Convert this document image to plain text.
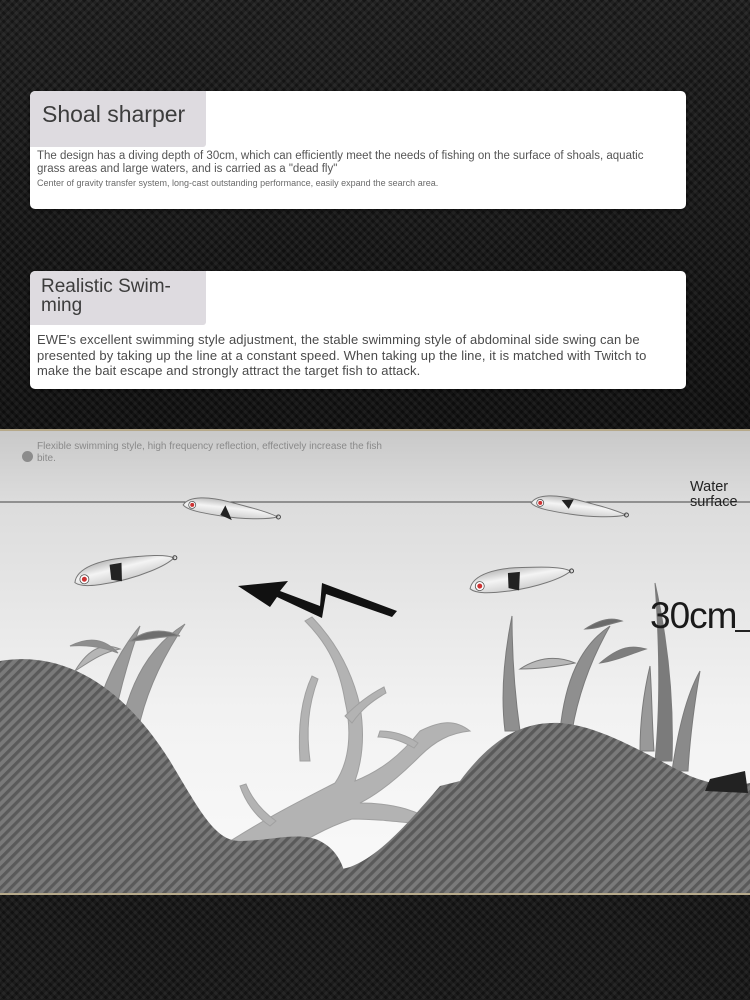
Shoal sharper

The design has a diving depth of 30cm, which can efficiently meet the needs of fishing on the surface of shoals, aquatic grass areas and large waters, and is carried as a "dead fly"

Center of gravity transfer system, long-cast outstanding performance, easily expand the search area.

Realistic Swim-
ming

EWE's excellent swimming style adjustment, the stable swimming style of abdominal side swing can be presented by taking up the line at a constant speed. When taking up the line, it is matched with Twitch to make the bait escape and strongly attract the target fish to attack.

Flexible swimming style, high frequency reflection, effectively increase the fish bite.

Water
surface
30cm
